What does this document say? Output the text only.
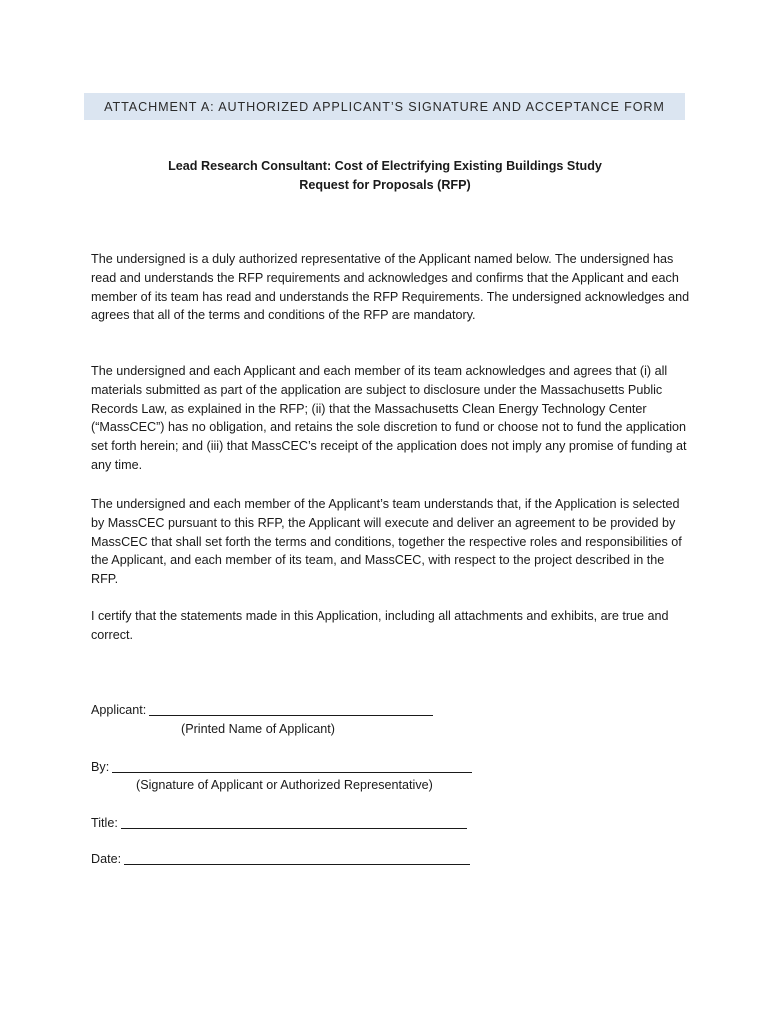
ATTACHMENT A: AUTHORIZED APPLICANT’S SIGNATURE AND ACCEPTANCE FORM
Lead Research Consultant: Cost of Electrifying Existing Buildings Study
Request for Proposals (RFP)

The undersigned is a duly authorized representative of the Applicant named below. The undersigned has read and understands the RFP requirements and acknowledges and confirms that the Applicant and each member of its team has read and understands the RFP Requirements. The undersigned acknowledges and agrees that all of the terms and conditions of the RFP are mandatory.

The undersigned and each Applicant and each member of its team acknowledges and agrees that (i) all materials submitted as part of the application are subject to disclosure under the Massachusetts Public Records Law, as explained in the RFP; (ii) that the Massachusetts Clean Energy Technology Center (“MassCEC”) has no obligation, and retains the sole discretion to fund or choose not to fund the application set forth herein; and (iii) that MassCEC’s receipt of the application does not imply any promise of funding at any time.

The undersigned and each member of the Applicant’s team understands that, if the Application is selected by MassCEC pursuant to this RFP, the Applicant will execute and deliver an agreement to be provided by MassCEC that shall set forth the terms and conditions, together the respective roles and responsibilities of the Applicant, and each member of its team, and MassCEC, with respect to the project described in the RFP.

I certify that the statements made in this Application, including all attachments and exhibits, are true and correct.

Applicant:
(Printed Name of Applicant)
By:
(Signature of Applicant or Authorized Representative)
Title:
Date:
